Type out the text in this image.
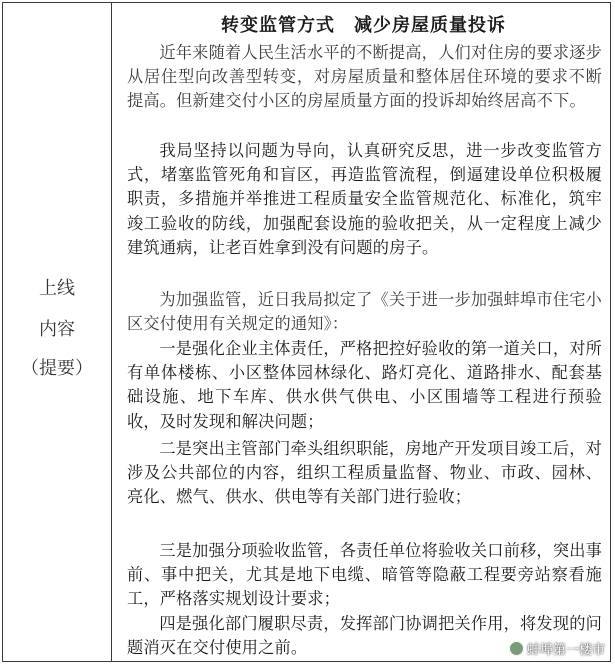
上线
内容
（提要）
转变监管方式　减少房屋质量投诉

近年来随着人民生活水平的不断提高，人们对住房的要求逐步从居住型向改善型转变，对房屋质量和整体居住环境的要求不断提高。但新建交付小区的房屋质量方面的投诉却始终居高不下。

我局坚持以问题为导向，认真研究反思，进一步改变监管方式，堵塞监管死角和盲区，再造监管流程，倒逼建设单位积极履职责，多措施并举推进工程质量安全监管规范化、标准化，筑牢竣工验收的防线，加强配套设施的验收把关，从一定程度上减少建筑通病，让老百姓拿到没有问题的房子。

为加强监管，近日我局拟定了《关于进一步加强蚌埠市住宅小区交付使用有关规定的通知》：

一是强化企业主体责任，严格把控好验收的第一道关口，对所有单体楼栋、小区整体园林绿化、路灯亮化、道路排水、配套基础设施、地下车库、供水供气供电、小区围墙等工程进行预验收，及时发现和解决问题；

二是突出主管部门牵头组织职能，房地产开发项目竣工后，对涉及公共部位的内容，组织工程质量监督、物业、市政、园林、亮化、燃气、供水、供电等有关部门进行验收；

三是加强分项验收监管，各责任单位将验收关口前移，突出事前、事中把关，尤其是地下电缆、暗管等隐蔽工程要旁站察看施工，严格落实规划设计要求；

四是强化部门履职尽责，发挥部门协调把关作用，将发现的问题消灭在交付使用之前。	蚌埠第一楼市
